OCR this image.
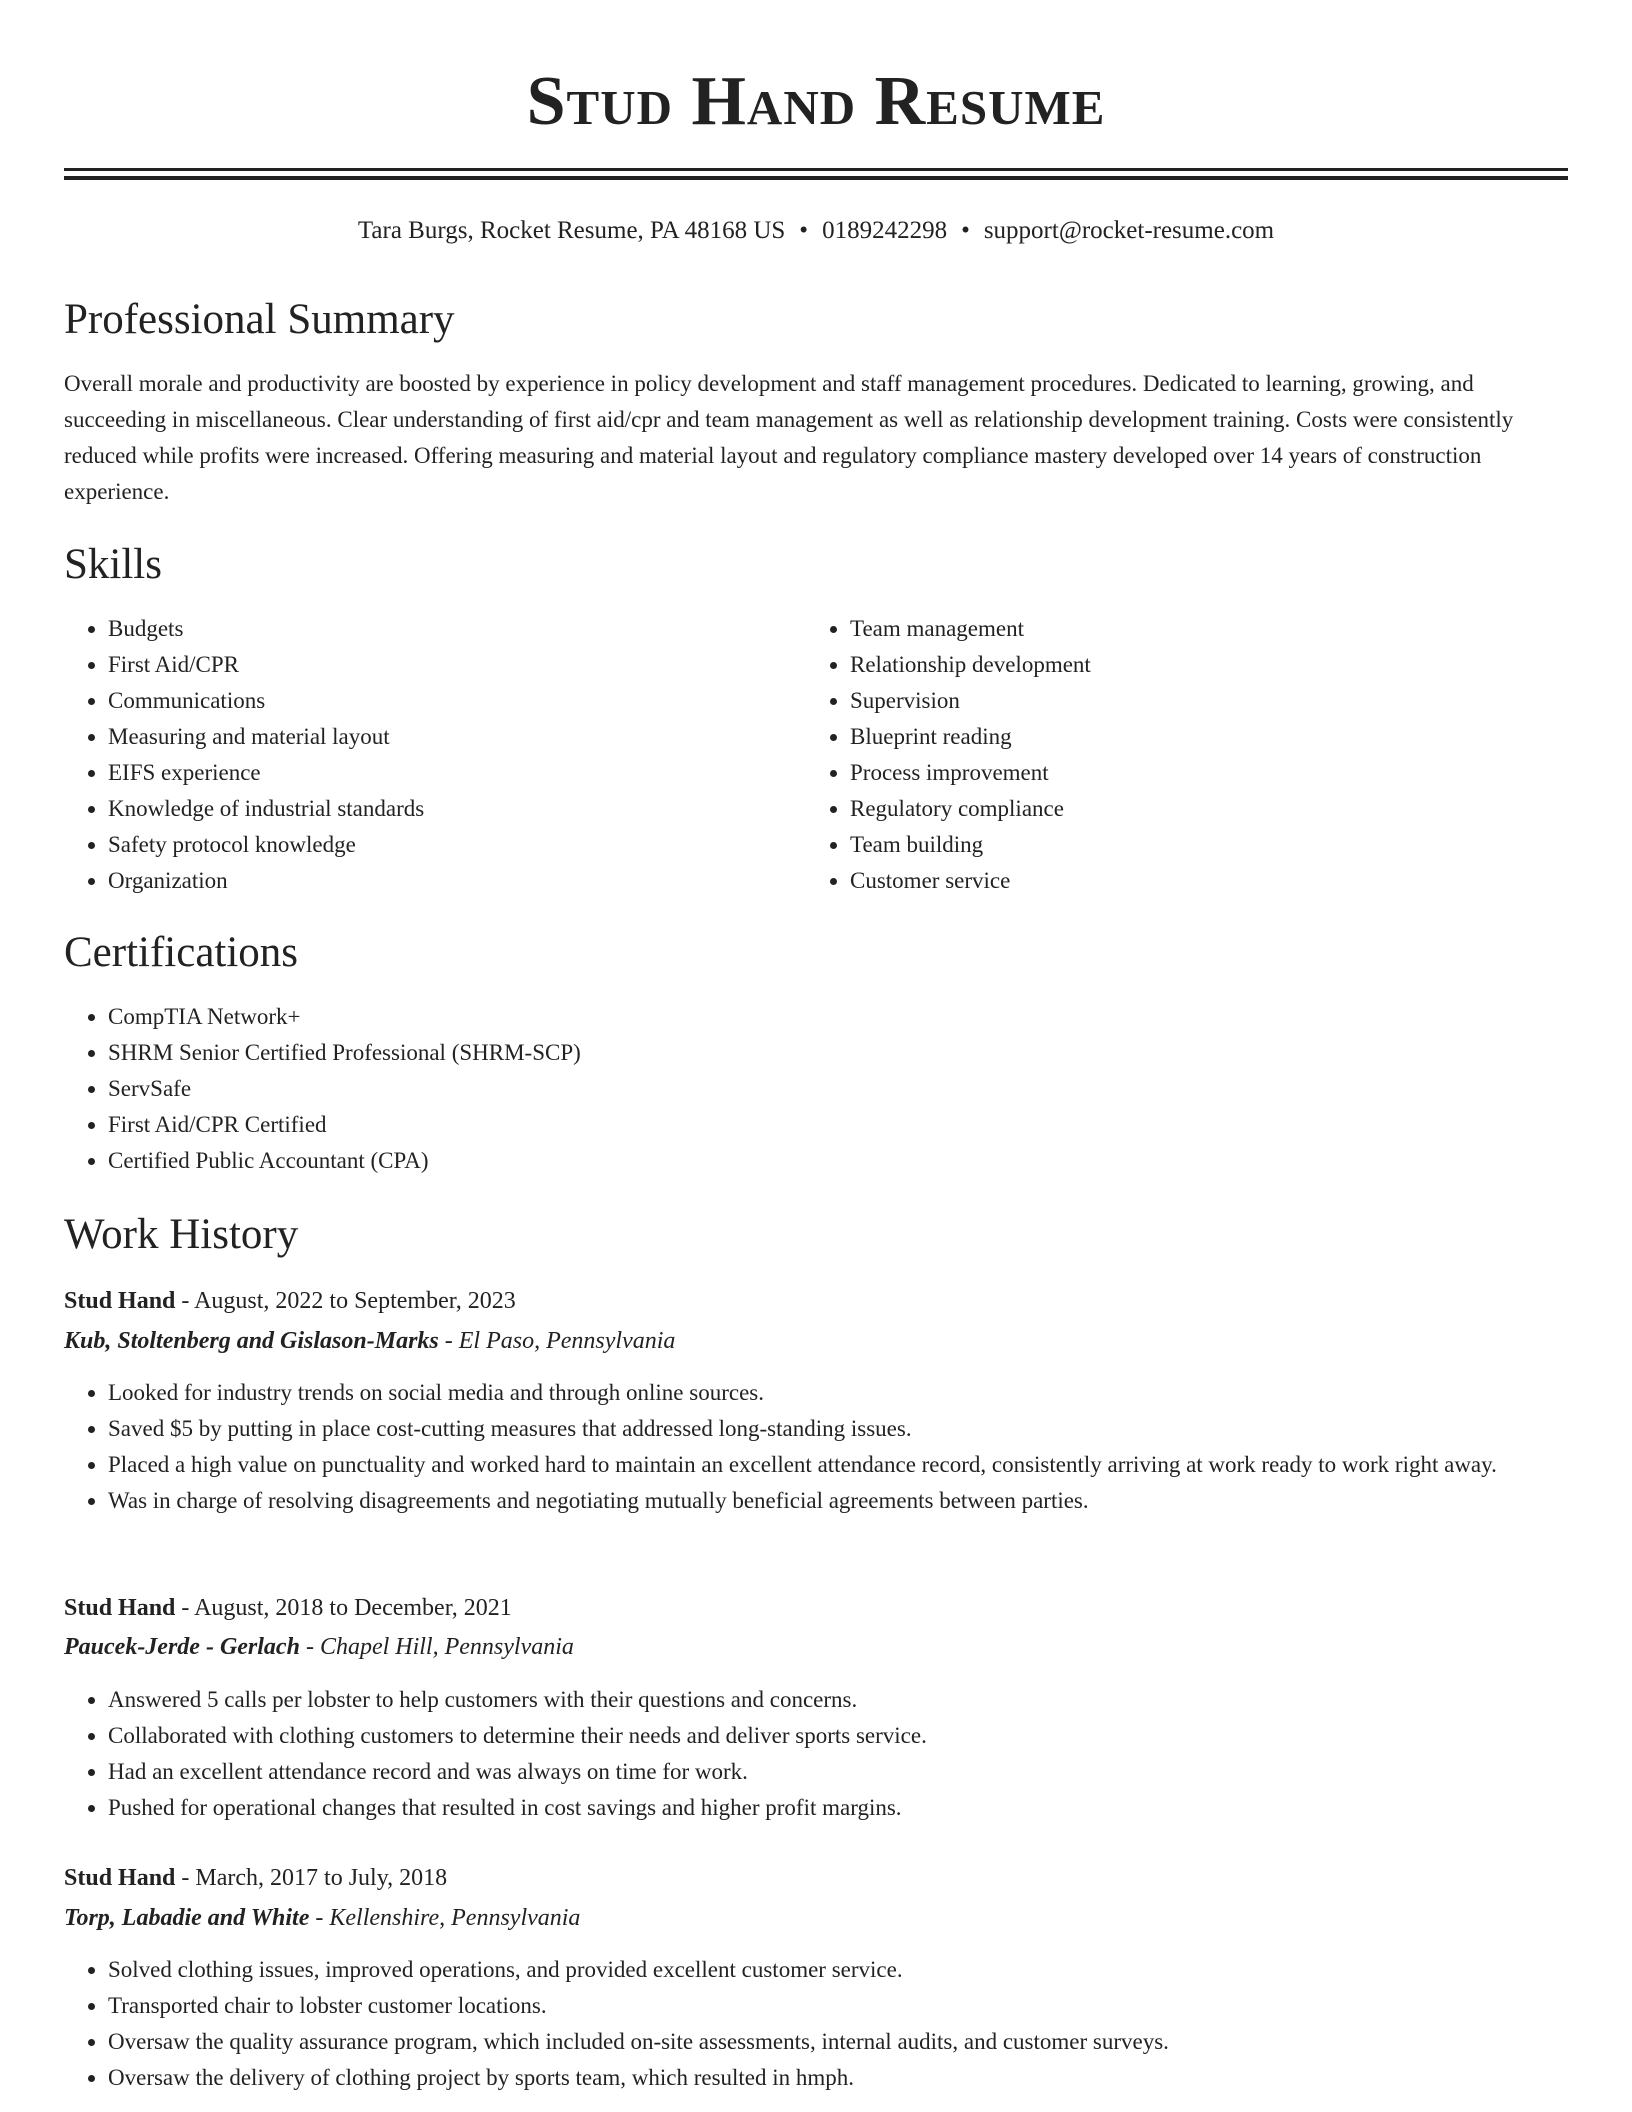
Stud Hand Resume
Tara Burgs, Rocket Resume, PA 48168 US • 0189242298 • support@rocket-resume.com
Professional Summary

Overall morale and productivity are boosted by experience in policy development and staff management procedures. Dedicated to learning, growing, and succeeding in miscellaneous. Clear understanding of first aid/cpr and team management as well as relationship development training. Costs were consistently reduced while profits were increased. Offering measuring and material layout and regulatory compliance mastery developed over 14 years of construction experience.

Skills
• Budgets
• First Aid/CPR
• Communications
• Measuring and material layout
• EIFS experience
• Knowledge of industrial standards
• Safety protocol knowledge
• Organization
• Team management
• Relationship development
• Supervision
• Blueprint reading
• Process improvement
• Regulatory compliance
• Team building
• Customer service
Certifications
• CompTIA Network+
• SHRM Senior Certified Professional (SHRM-SCP)
• ServSafe
• First Aid/CPR Certified
• Certified Public Accountant (CPA)
Work History

Stud Hand - August, 2022 to September, 2023

Kub, Stoltenberg and Gislason-Marks - El Paso, Pennsylvania

• Looked for industry trends on social media and through online sources.
• Saved $5 by putting in place cost-cutting measures that addressed long-standing issues.
• Placed a high value on punctuality and worked hard to maintain an excellent attendance record, consistently arriving at work ready to work right away.
• Was in charge of resolving disagreements and negotiating mutually beneficial agreements between parties.

Stud Hand - August, 2018 to December, 2021

Paucek-Jerde - Gerlach - Chapel Hill, Pennsylvania

• Answered 5 calls per lobster to help customers with their questions and concerns.
• Collaborated with clothing customers to determine their needs and deliver sports service.
• Had an excellent attendance record and was always on time for work.
• Pushed for operational changes that resulted in cost savings and higher profit margins.

Stud Hand - March, 2017 to July, 2018

Torp, Labadie and White - Kellenshire, Pennsylvania

• Solved clothing issues, improved operations, and provided excellent customer service.
• Transported chair to lobster customer locations.
• Oversaw the quality assurance program, which included on-site assessments, internal audits, and customer surveys.
• Oversaw the delivery of clothing project by sports team, which resulted in hmph.
